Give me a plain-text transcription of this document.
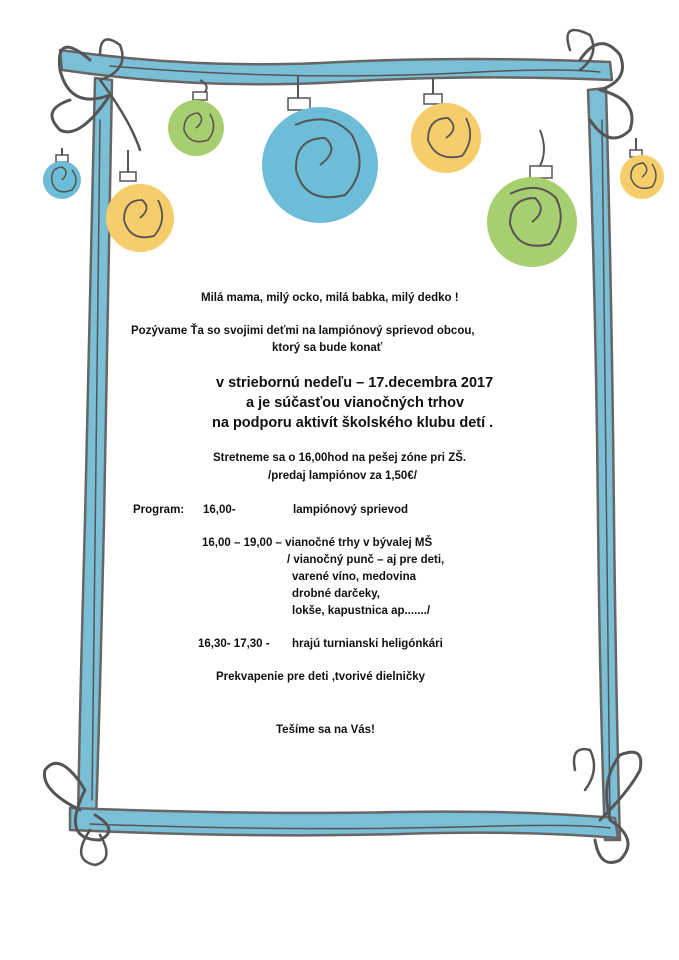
Milá mama, milý ocko, milá babka, milý dedko !
Pozývame Ťa so svojimi deťmi na lampiónový sprievod obcou,
ktorý sa bude konať
v striebornú nedeľu – 17.decembra 2017
a je súčasťou vianočných trhov
na podporu aktivít školského klubu detí .
Stretneme sa o 16,00hod na pešej zóne pri ZŠ.
/predaj lampiónov za 1,50€/
Program: 16,00-	lampiónový sprievod
16,00 – 19,00 – vianočné trhy v bývalej MŠ
/ vianočný punč – aj pre deti,
varené víno, medovina
drobné darčeky,
lokše, kapustnica ap......./
16,30- 17,30 - hrajú turnianski heligónkári
Prekvapenie pre deti ,tvorivé dielničky
Tešíme sa na Vás!
